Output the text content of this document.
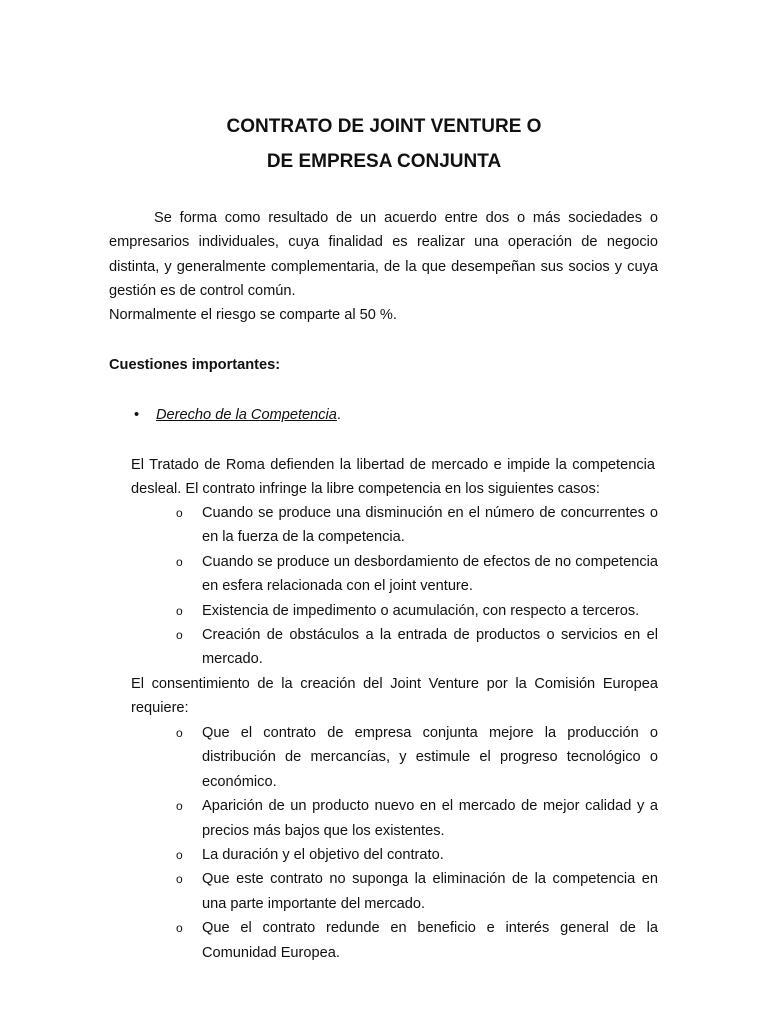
CONTRATO DE JOINT VENTURE O
DE EMPRESA CONJUNTA
Se forma como resultado de un acuerdo entre dos o más sociedades o empresarios individuales, cuya finalidad es realizar una operación de negocio distinta, y generalmente complementaria, de la que desempeñan sus socios y cuya gestión es de control común.
Normalmente el riesgo se comparte al 50 %.
Cuestiones importantes:
• Derecho de la Competencia.
El Tratado de Roma defienden la libertad de mercado e impide la competencia desleal. El contrato infringe la libre competencia en los siguientes casos:
o Cuando se produce una disminución en el número de concurrentes o en la fuerza de la competencia.
o Cuando se produce un desbordamiento de efectos de no competencia en esfera relacionada con el joint venture.
o Existencia de impedimento o acumulación, con respecto a terceros.
o Creación de obstáculos a la entrada de productos o servicios en el mercado.
El consentimiento de la creación del Joint Venture por la Comisión Europea requiere:
o Que el contrato de empresa conjunta mejore la producción o distribución de mercancías, y estimule el progreso tecnológico o económico.
o Aparición de un producto nuevo en el mercado de mejor calidad y a precios más bajos que los existentes.
o La duración y el objetivo del contrato.
o Que este contrato no suponga la eliminación de la competencia en una parte importante del mercado.
o Que el contrato redunde en beneficio e interés general de la Comunidad Europea.
